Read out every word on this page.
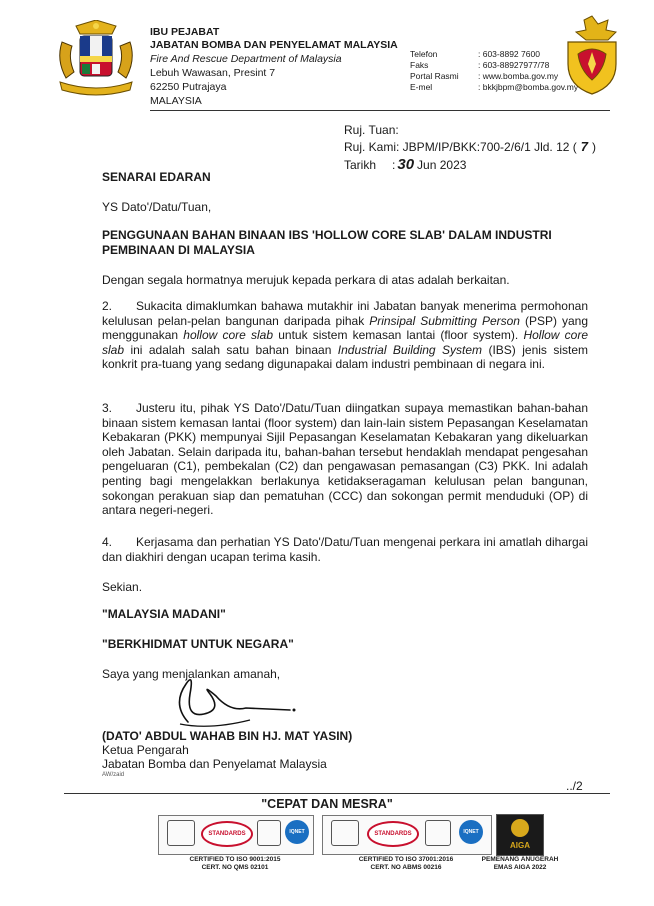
IBU PEJABAT
JABATAN BOMBA DAN PENYELAMAT MALAYSIA
Fire And Rescue Department of Malaysia
Lebuh Wawasan, Presint 7
62250 Putrajaya
MALAYSIA
Telefon
Faks
Portal Rasmi
E-mel
: 603-8892 7600
: 603-88927977/78
: www.bomba.gov.my
: bkkjbpm@bomba.gov.my
Ruj. Tuan:
Ruj. Kami: JBPM/IP/BKK:700-2/6/1 Jld. 12 ( 7 )
Tarikh : 30 Jun 2023
SENARAI EDARAN
YS Dato'/Datu/Tuan,
PENGGUNAAN BAHAN BINAAN IBS 'HOLLOW CORE SLAB' DALAM INDUSTRI
PEMBINAAN DI MALAYSIA
Dengan segala hormatnya merujuk kepada perkara di atas adalah berkaitan.
2. Sukacita dimaklumkan bahawa mutakhir ini Jabatan banyak menerima permohonan kelulusan pelan-pelan bangunan daripada pihak Prinsipal Submitting Person (PSP) yang menggunakan hollow core slab untuk sistem kemasan lantai (floor system). Hollow core slab ini adalah salah satu bahan binaan Industrial Building System (IBS) jenis sistem konkrit pra-tuang yang sedang digunapakai dalam industri pembinaan di negara ini.
3. Justeru itu, pihak YS Dato'/Datu/Tuan diingatkan supaya memastikan bahan-bahan binaan sistem kemasan lantai (floor system) dan lain-lain sistem Pepasangan Keselamatan Kebakaran (PKK) mempunyai Sijil Pepasangan Keselamatan Kebakaran yang dikeluarkan oleh Jabatan. Selain daripada itu, bahan-bahan tersebut hendaklah mendapat pengesahan pengeluaran (C1), pembekalan (C2) dan pengawasan pemasangan (C3) PKK. Ini adalah penting bagi mengelakkan berlakunya ketidakseragaman kelulusan pelan bangunan, sokongan perakuan siap dan pematuhan (CCC) dan sokongan permit menduduki (OP) di antara negeri-negeri.
4. Kerjasama dan perhatian YS Dato'/Datu/Tuan mengenai perkara ini amatlah dihargai dan diakhiri dengan ucapan terima kasih.
Sekian.
"MALAYSIA MADANI"
"BERKHIDMAT UNTUK NEGARA"
Saya yang menjalankan amanah,
(DATO' ABDUL WAHAB BIN HJ. MAT YASIN)
Ketua Pengarah
Jabatan Bomba dan Penyelamat Malaysia
AW/zaid
../2
"CEPAT DAN MESRA"
STANDARDS	IQNET
CERTIFIED TO ISO 9001:2015
CERT. NO QMS 02101
STANDARDS	IQNET
CERTIFIED TO ISO 37001:2016
CERT. NO ABMS 00216
AIGA
PEMENANG ANUGERAH
EMAS AIGA 2022
